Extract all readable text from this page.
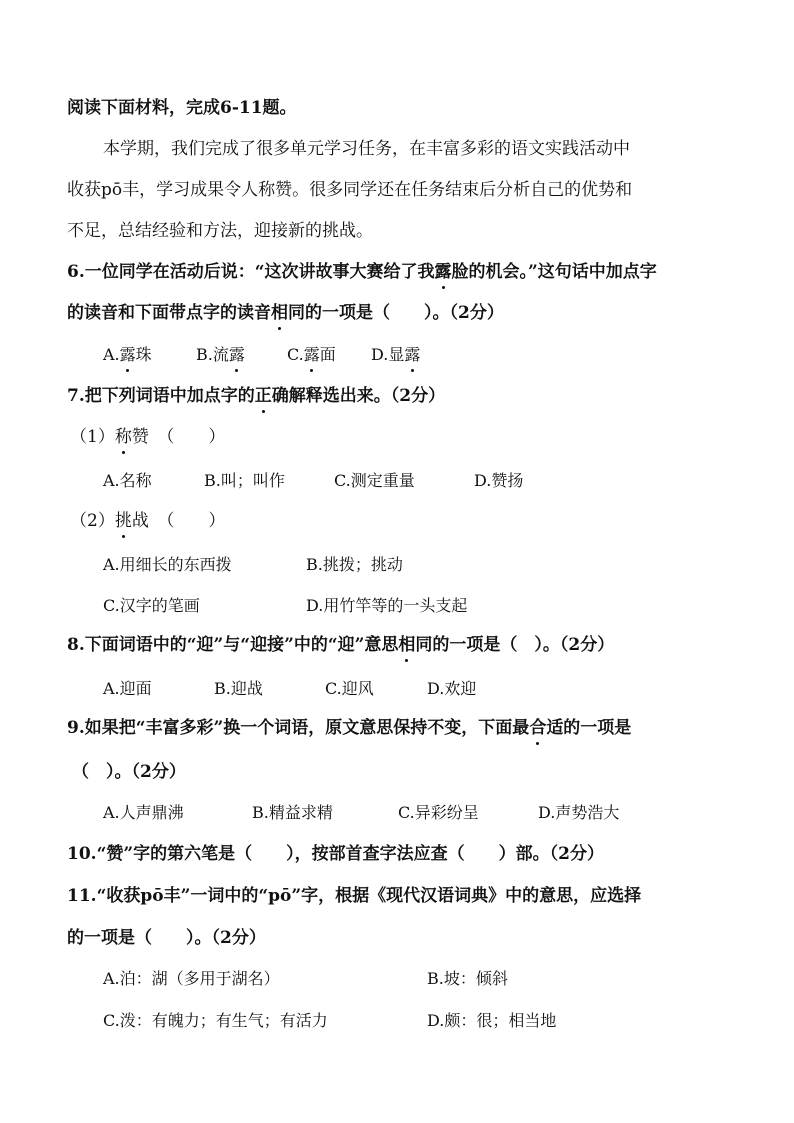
阅读下面材料，完成6-11题。
本学期，我们完成了很多单元学习任务，在丰富多彩的语文实践活动中
收获pō丰，学习成果令人称赞。很多同学还在任务结束后分析自己的优势和
不足，总结经验和方法，迎接新的挑战。
6.一位同学在活动后说：“这次讲故事大赛给了我露脸的机会。”这句话中加点字
的读音和下面带点字的读音相同的一项是（　　）。（2分）
A.露珠	B.流露	C.露面 D.显露
7.把下列词语中加点字的正确解释选出来。（2分）
（1）称赞　（　　）
A.名称	B.叫；叫作	C.测定重量	D.赞扬
（2）挑战　（　　）
A.用细长的东西拨	B.挑拨；挑动
C.汉字的笔画	D.用竹竿等的一头支起
8.下面词语中的“迎”与“迎接”中的“迎”意思相同的一项是（　）。（2分）
A.迎面	B.迎战	C.迎风	D.欢迎
9.如果把“丰富多彩”换一个词语，原文意思保持不变，下面最合适的一项是
（　）。（2分）
A.人声鼎沸	B.精益求精	C.异彩纷呈	D.声势浩大
10.“赞”字的第六笔是（　　），按部首查字法应查（　　）部。（2分）
11.“收获pō丰”一词中的“pō”字，根据《现代汉语词典》中的意思，应选择
的一项是（　　）。（2分）
A.泊：湖（多用于湖名）	B.坡：倾斜
C.泼：有魄力；有生气；有活力	D.颇：很；相当地
